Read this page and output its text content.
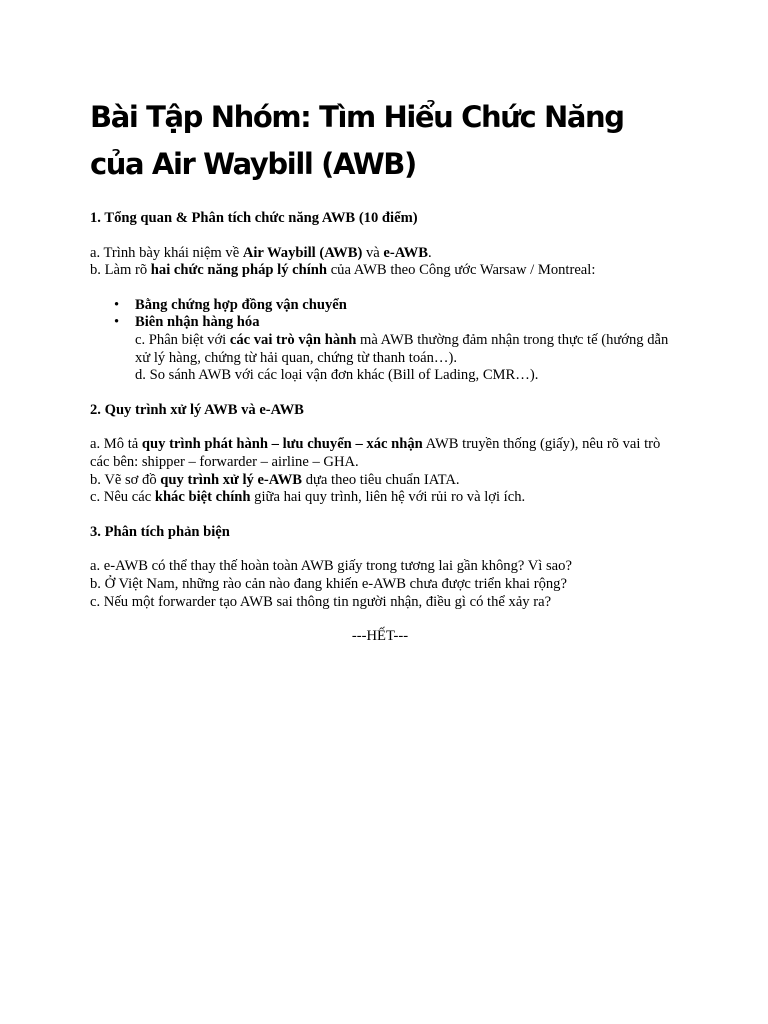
Bài Tập Nhóm: Tìm Hiểu Chức Năng của Air Waybill (AWB)

1. Tổng quan & Phân tích chức năng AWB (10 điểm)

a. Trình bày khái niệm về Air Waybill (AWB) và e-AWB.

b. Làm rõ hai chức năng pháp lý chính của AWB theo Công ước Warsaw / Montreal:

• Bằng chứng hợp đồng vận chuyển
• Biên nhận hàng hóa

c. Phân biệt với các vai trò vận hành mà AWB thường đảm nhận trong thực tế (hướng dẫn xử lý hàng, chứng từ hải quan, chứng từ thanh toán…).

d. So sánh AWB với các loại vận đơn khác (Bill of Lading, CMR…).

2. Quy trình xử lý AWB và e-AWB

a. Mô tả quy trình phát hành – lưu chuyển – xác nhận AWB truyền thống (giấy), nêu rõ vai trò các bên: shipper – forwarder – airline – GHA.

b. Vẽ sơ đồ quy trình xử lý e-AWB dựa theo tiêu chuẩn IATA.

c. Nêu các khác biệt chính giữa hai quy trình, liên hệ với rủi ro và lợi ích.

3. Phân tích phản biện

a. e-AWB có thể thay thế hoàn toàn AWB giấy trong tương lai gần không? Vì sao?

b. Ở Việt Nam, những rào cản nào đang khiến e-AWB chưa được triển khai rộng?

c. Nếu một forwarder tạo AWB sai thông tin người nhận, điều gì có thể xảy ra?

---HẾT---
